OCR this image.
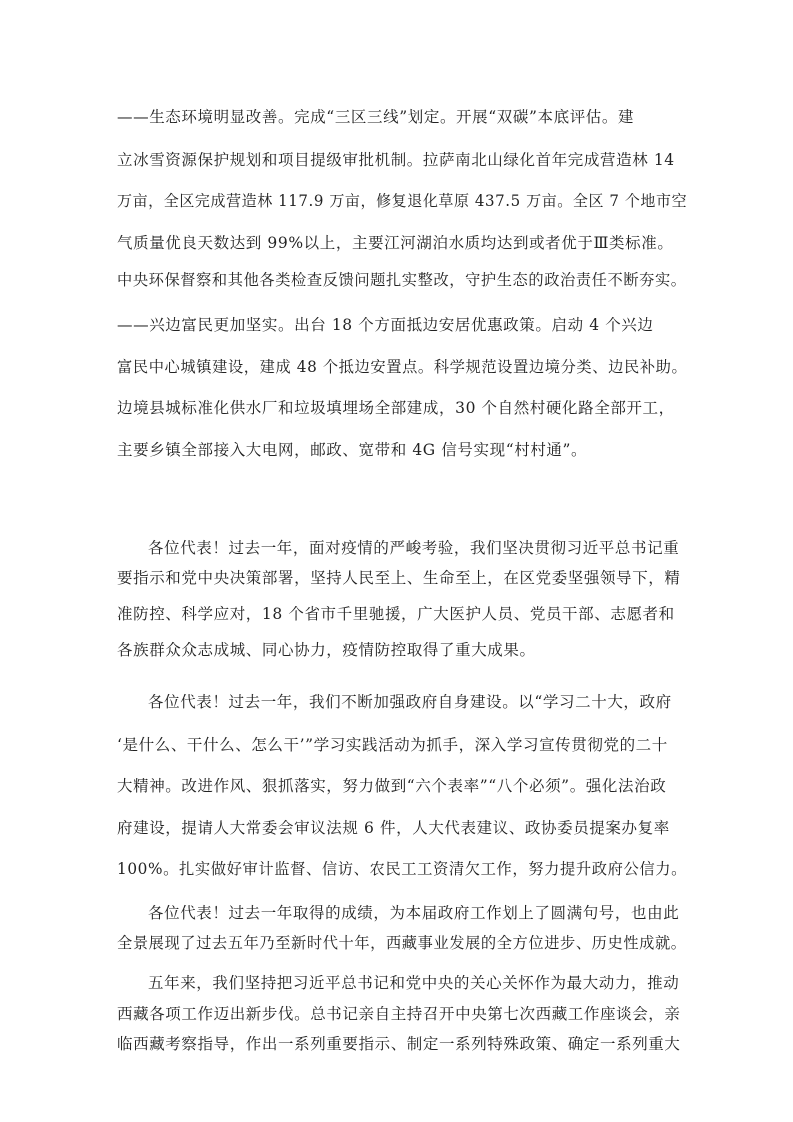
——生态环境明显改善。完成“三区三线”划定。开展“双碳”本底评估。建
立冰雪资源保护规划和项目提级审批机制。拉萨南北山绿化首年完成营造林 14
万亩，全区完成营造林 117.9 万亩，修复退化草原 437.5 万亩。全区 7 个地市空
气质量优良天数达到 99%以上，主要江河湖泊水质均达到或者优于Ⅲ类标准。
中央环保督察和其他各类检查反馈问题扎实整改，守护生态的政治责任不断夯实。
——兴边富民更加坚实。出台 18 个方面抵边安居优惠政策。启动 4 个兴边
富民中心城镇建设，建成 48 个抵边安置点。科学规范设置边境分类、边民补助。
边境县城标准化供水厂和垃圾填埋场全部建成，30 个自然村硬化路全部开工，
主要乡镇全部接入大电网，邮政、宽带和 4G 信号实现“村村通”。
各位代表！过去一年，面对疫情的严峻考验，我们坚决贯彻习近平总书记重
要指示和党中央决策部署，坚持人民至上、生命至上，在区党委坚强领导下，精
准防控、科学应对，18 个省市千里驰援，广大医护人员、党员干部、志愿者和
各族群众众志成城、同心协力，疫情防控取得了重大成果。
各位代表！过去一年，我们不断加强政府自身建设。以“学习二十大，政府
‘是什么、干什么、怎么干’”学习实践活动为抓手，深入学习宣传贯彻党的二十
大精神。改进作风、狠抓落实，努力做到“六个表率”“八个必须”。强化法治政
府建设，提请人大常委会审议法规 6 件，人大代表建议、政协委员提案办复率
100%。扎实做好审计监督、信访、农民工工资清欠工作，努力提升政府公信力。
各位代表！过去一年取得的成绩，为本届政府工作划上了圆满句号，也由此
全景展现了过去五年乃至新时代十年，西藏事业发展的全方位进步、历史性成就。
五年来，我们坚持把习近平总书记和党中央的关心关怀作为最大动力，推动
西藏各项工作迈出新步伐。总书记亲自主持召开中央第七次西藏工作座谈会，亲
临西藏考察指导，作出一系列重要指示、制定一系列特殊政策、确定一系列重大
